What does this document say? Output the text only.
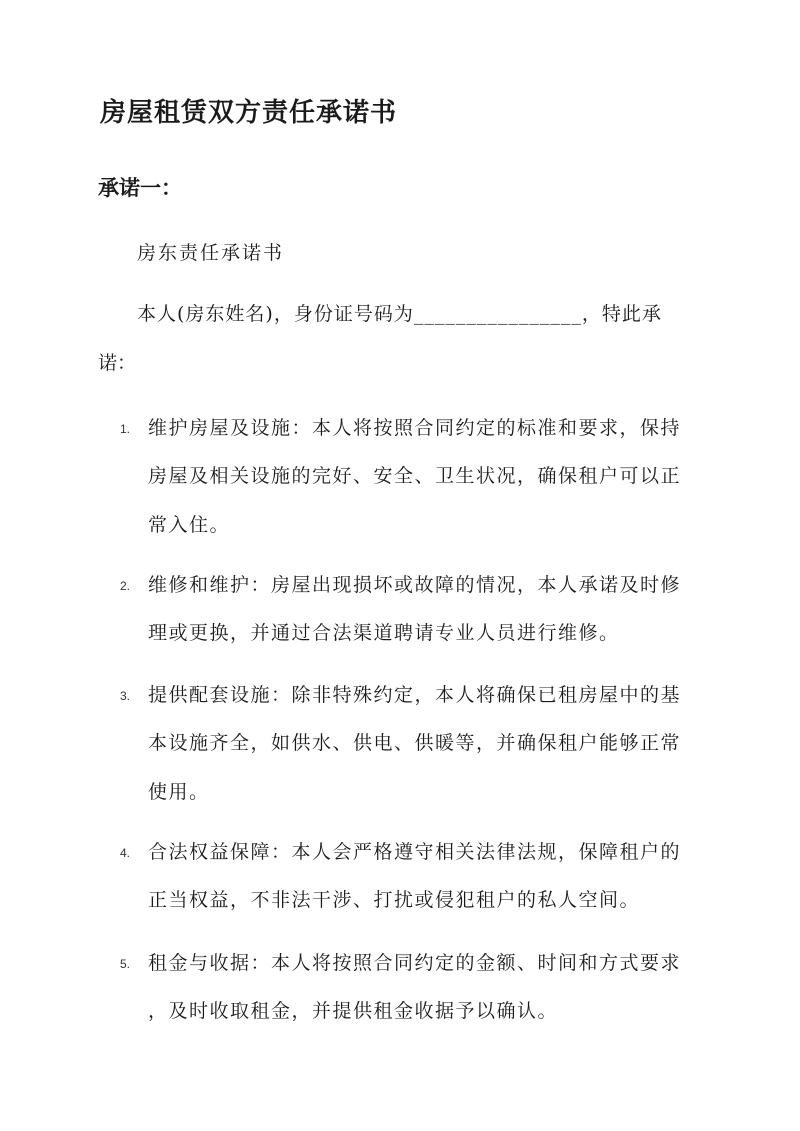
房屋租赁双方责任承诺书
承诺一：
房东责任承诺书
本人(房东姓名)，身份证号码为________________，特此承
诺：
1. 维护房屋及设施：本人将按照合同约定的标准和要求，保持
房屋及相关设施的完好、安全、卫生状况，确保租户可以正
常入住。
2. 维修和维护：房屋出现损坏或故障的情况，本人承诺及时修
理或更换，并通过合法渠道聘请专业人员进行维修。
3. 提供配套设施：除非特殊约定，本人将确保已租房屋中的基
本设施齐全，如供水、供电、供暖等，并确保租户能够正常
使用。
4. 合法权益保障：本人会严格遵守相关法律法规，保障租户的
正当权益，不非法干涉、打扰或侵犯租户的私人空间。
5. 租金与收据：本人将按照合同约定的金额、时间和方式要求
，及时收取租金，并提供租金收据予以确认。
